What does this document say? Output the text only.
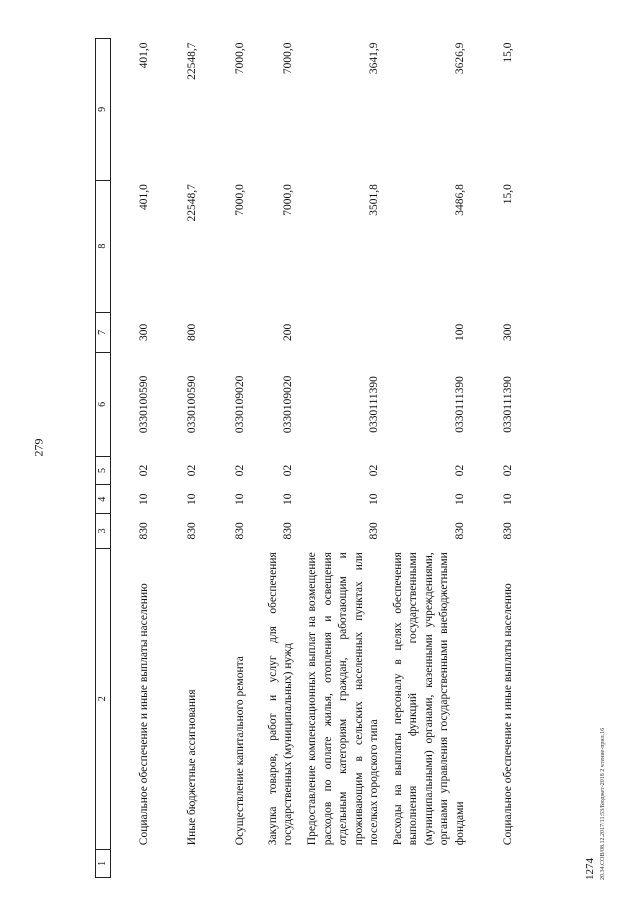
279
1274 20.34.COB/08.12.2017/11:53/Бюджет-2018 2 чтение-прил.16
1	2	3	4	5	6	7	8	9
	Социальное обеспечение и иные выплаты населению	830	10	02	0330100590	300	401,0	401,0
	Иные бюджетные ассигнования	830	10	02	0330100590	800	22548,7	22548,7
	Осуществление капитального ремонта	830	10	02	0330109020		7000,0	7000,0
	Закупка товаров, работ и услуг для обеспечения государственных (муниципальных) нужд	830	10	02	0330109020	200	7000,0	7000,0
	Предоставление компенсационных выплат на возмещение расходов по оплате жилья, отопления и освещения отдельным категориям граждан, работающим и проживающим в сельских населенных пунктах или поселках городского типа	830	10	02	0330111390		3501,8	3641,9
	Расходы на выплаты персоналу в целях обеспечения выполнения функций государственными (муниципальными) органами, казенными учреждениями, органами управления государственными внебюджетными фондами	830	10	02	0330111390	100	3486,8	3626,9
	Социальное обеспечение и иные выплаты населению	830	10	02	0330111390	300	15,0	15,0
